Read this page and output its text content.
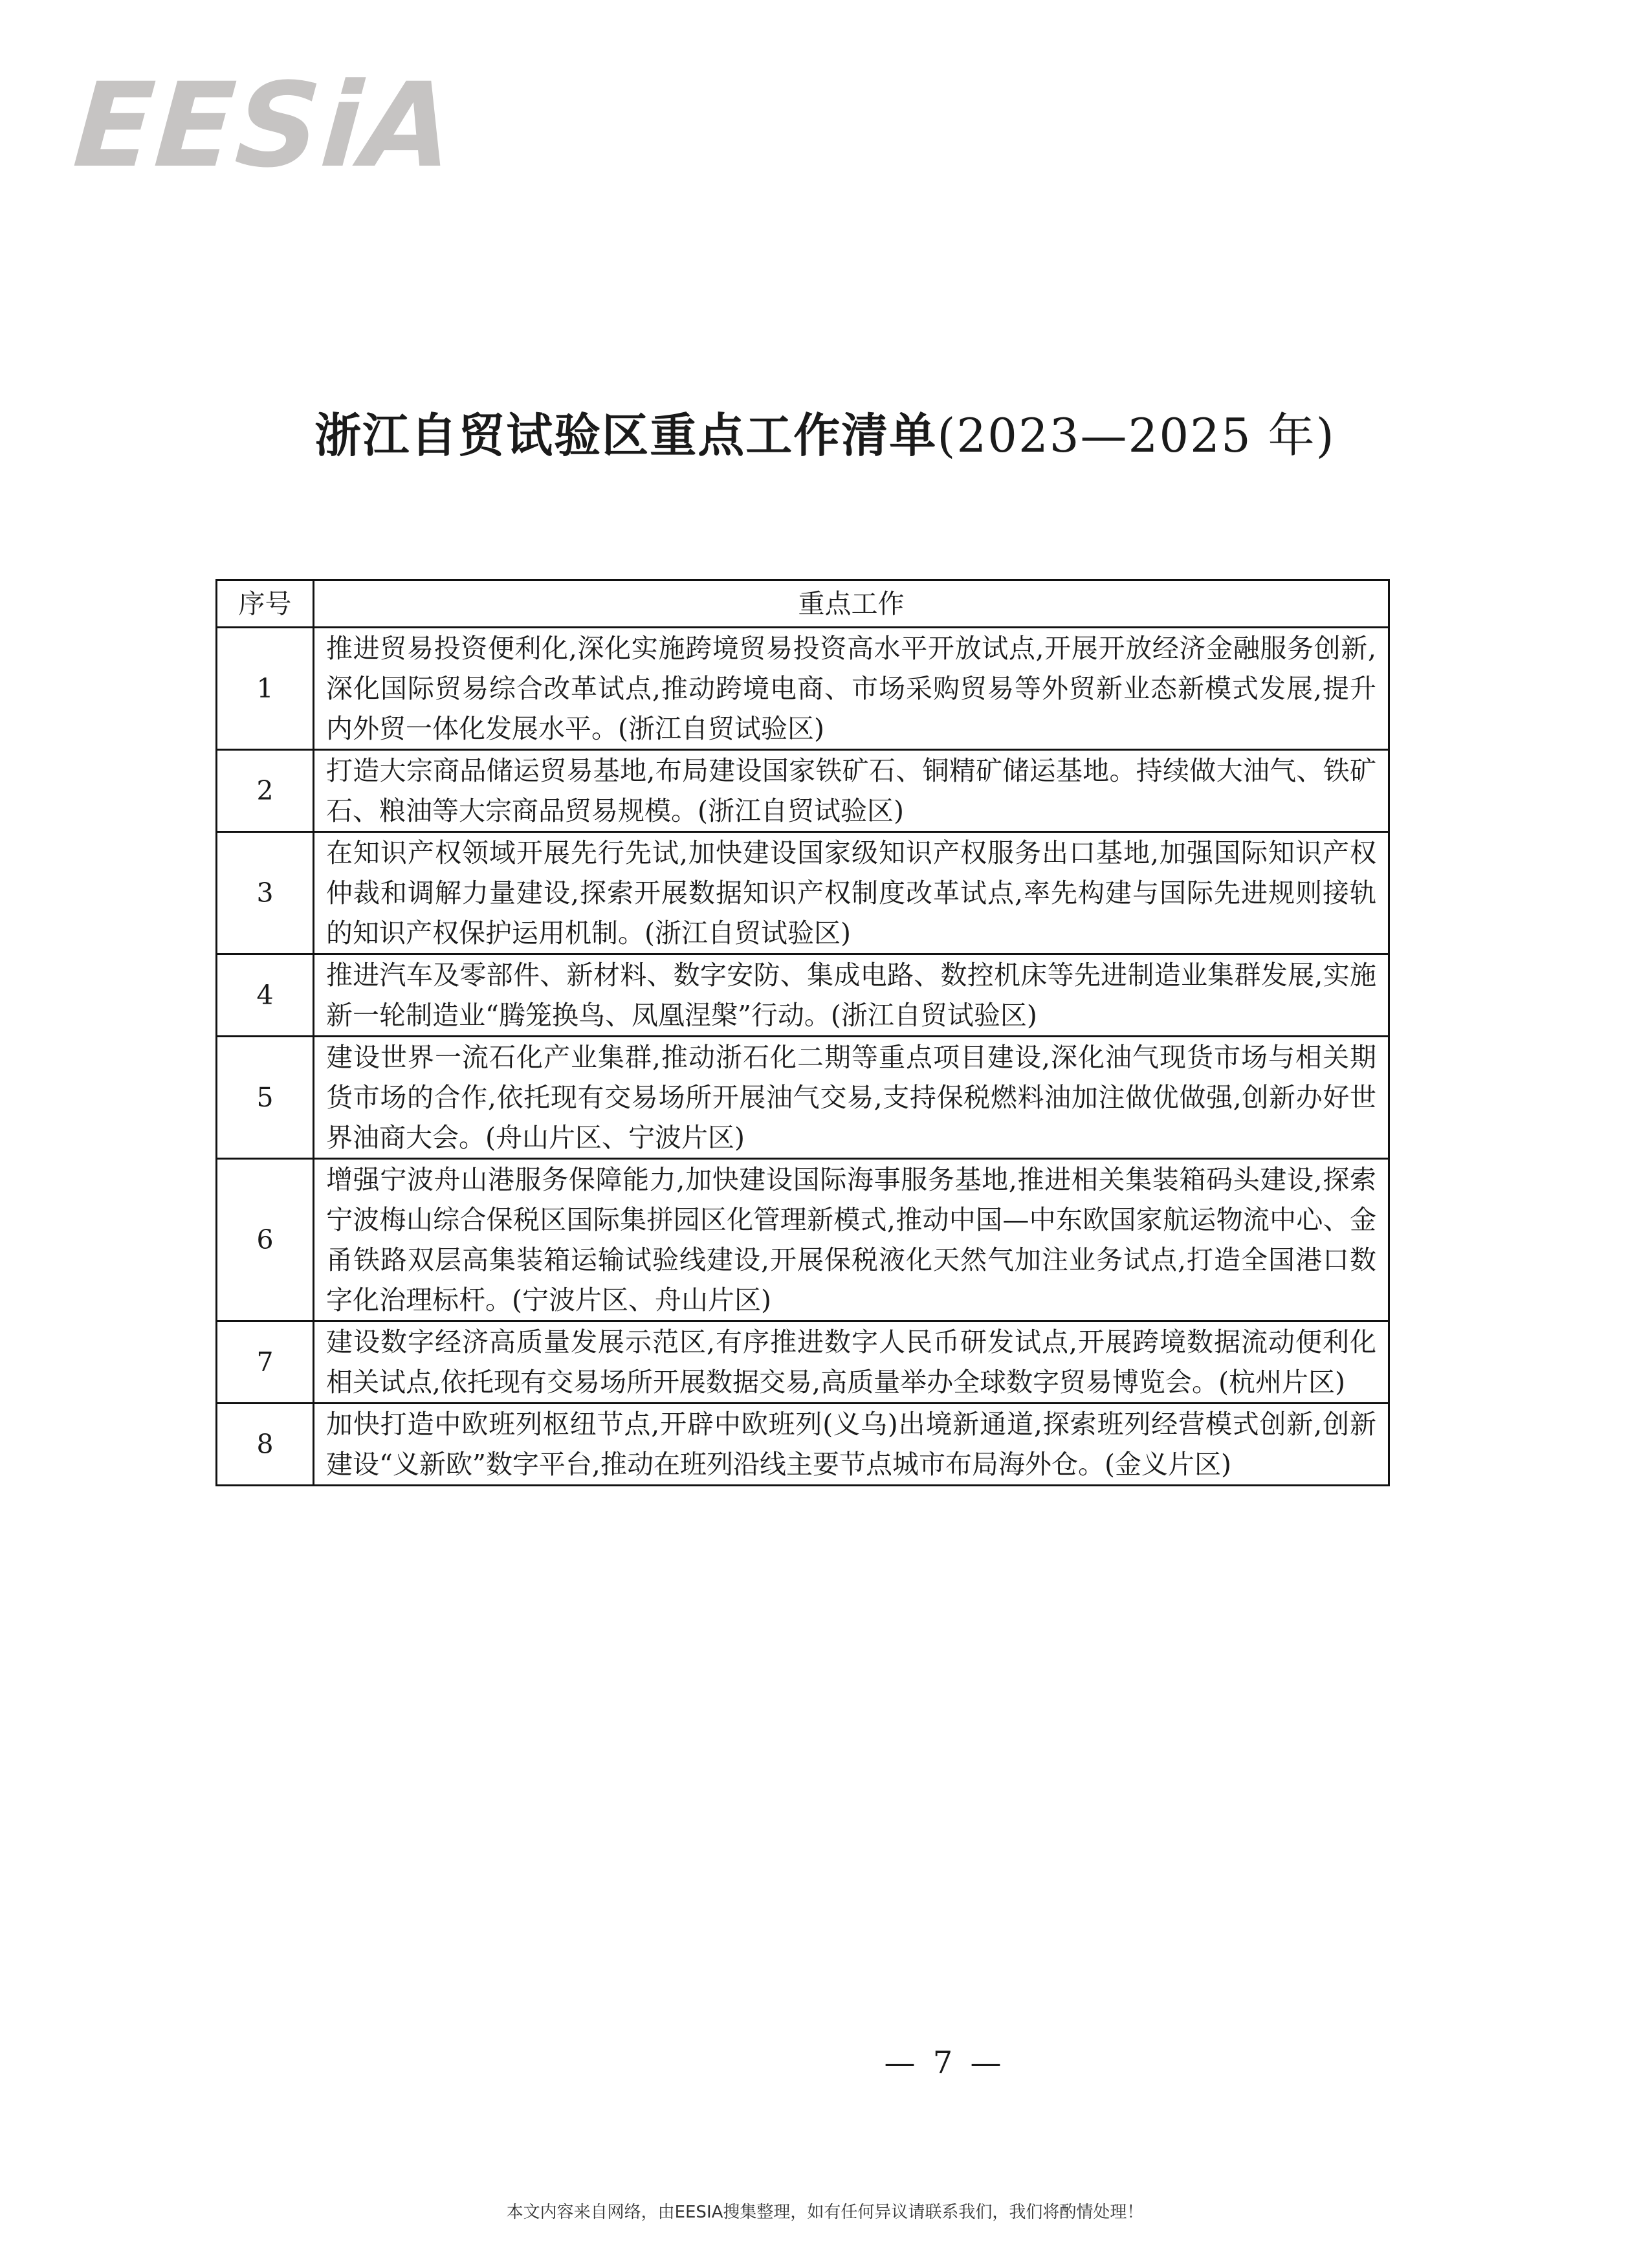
EESiA
浙江自贸试验区重点工作清单(2023—2025 年)
序号	重点工作
1	推进贸易投资便利化,深化实施跨境贸易投资高水平开放试点,开展开放经济金融服务创新,深化国际贸易综合改革试点,推动跨境电商、市场采购贸易等外贸新业态新模式发展,提升内外贸一体化发展水平。(浙江自贸试验区)
2	打造大宗商品储运贸易基地,布局建设国家铁矿石、铜精矿储运基地。持续做大油气、铁矿石、粮油等大宗商品贸易规模。(浙江自贸试验区)
3	在知识产权领域开展先行先试,加快建设国家级知识产权服务出口基地,加强国际知识产权仲裁和调解力量建设,探索开展数据知识产权制度改革试点,率先构建与国际先进规则接轨的知识产权保护运用机制。(浙江自贸试验区)
4	推进汽车及零部件、新材料、数字安防、集成电路、数控机床等先进制造业集群发展,实施新一轮制造业“腾笼换鸟、凤凰涅槃”行动。(浙江自贸试验区)
5	建设世界一流石化产业集群,推动浙石化二期等重点项目建设,深化油气现货市场与相关期货市场的合作,依托现有交易场所开展油气交易,支持保税燃料油加注做优做强,创新办好世界油商大会。(舟山片区、宁波片区)
6	增强宁波舟山港服务保障能力,加快建设国际海事服务基地,推进相关集装箱码头建设,探索宁波梅山综合保税区国际集拼园区化管理新模式,推动中国—中东欧国家航运物流中心、金甬铁路双层高集装箱运输试验线建设,开展保税液化天然气加注业务试点,打造全国港口数字化治理标杆。(宁波片区、舟山片区)
7	建设数字经济高质量发展示范区,有序推进数字人民币研发试点,开展跨境数据流动便利化相关试点,依托现有交易场所开展数据交易,高质量举办全球数字贸易博览会。(杭州片区)
8	加快打造中欧班列枢纽节点,开辟中欧班列(义乌)出境新通道,探索班列经营模式创新,创新建设“义新欧”数字平台,推动在班列沿线主要节点城市布局海外仓。(金义片区)
— 7 —
本文内容来自网络，由EESIA搜集整理，如有任何异议请联系我们，我们将酌情处理！
